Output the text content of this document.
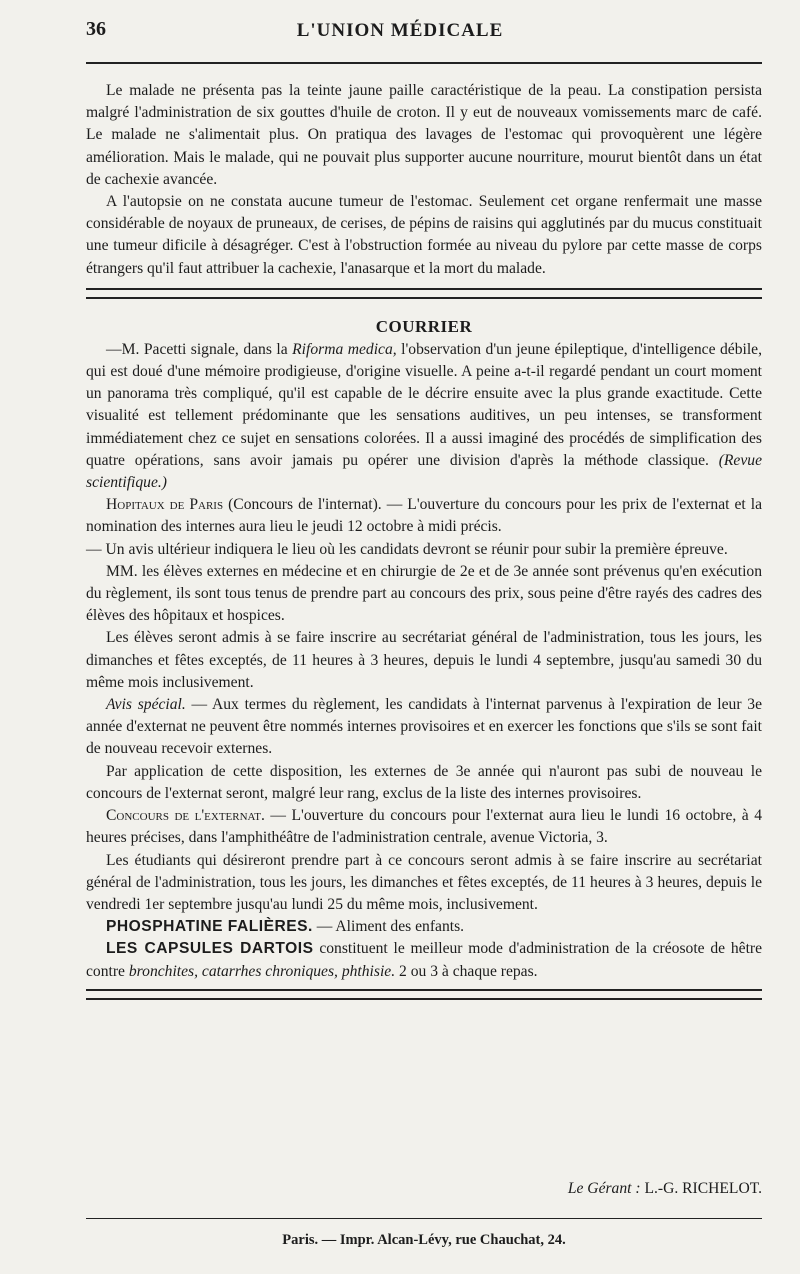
36	L'UNION MÉDICALE

Le malade ne présenta pas la teinte jaune paille caractéristique de la peau. La constipation persista malgré l'administration de six gouttes d'huile de croton. Il y eut de nouveaux vomissements marc de café. Le malade ne s'alimentait plus. On pratiqua des lavages de l'estomac qui provoquèrent une légère amélioration. Mais le malade, qui ne pouvait plus supporter aucune nourriture, mourut bientôt dans un état de cachexie avancée.

A l'autopsie on ne constata aucune tumeur de l'estomac. Seulement cet organe renfermait une masse considérable de noyaux de pruneaux, de cerises, de pépins de raisins qui agglutinés par du mucus constituait une tumeur dificile à désagréger. C'est à l'obstruction formée au niveau du pylore par cette masse de corps étrangers qu'il faut attribuer la cachexie, l'anasarque et la mort du malade.

COURRIER

—M. Pacetti signale, dans la Riforma medica, l'observation d'un jeune épileptique, d'intelligence débile, qui est doué d'une mémoire prodigieuse, d'origine visuelle. A peine a-t-il regardé pendant un court moment un panorama très compliqué, qu'il est capable de le décrire ensuite avec la plus grande exactitude. Cette visualité est tellement prédominante que les sensations auditives, un peu intenses, se transforment immédiatement chez ce sujet en sensations colorées. Il a aussi imaginé des procédés de simplification des quatre opérations, sans avoir jamais pu opérer une division d'après la méthode classique. (Revue scientifique.)

Hopitaux de Paris (Concours de l'internat). — L'ouverture du concours pour les prix de l'externat et la nomination des internes aura lieu le jeudi 12 octobre à midi précis.

— Un avis ultérieur indiquera le lieu où les candidats devront se réunir pour subir la première épreuve.

MM. les élèves externes en médecine et en chirurgie de 2e et de 3e année sont prévenus qu'en exécution du règlement, ils sont tous tenus de prendre part au concours des prix, sous peine d'être rayés des cadres des élèves des hôpitaux et hospices.

Les élèves seront admis à se faire inscrire au secrétariat général de l'administration, tous les jours, les dimanches et fêtes exceptés, de 11 heures à 3 heures, depuis le lundi 4 septembre, jusqu'au samedi 30 du même mois inclusivement.

Avis spécial. — Aux termes du règlement, les candidats à l'internat parvenus à l'expiration de leur 3e année d'externat ne peuvent être nommés internes provisoires et en exercer les fonctions que s'ils se sont fait de nouveau recevoir externes.

Par application de cette disposition, les externes de 3e année qui n'auront pas subi de nouveau le concours de l'externat seront, malgré leur rang, exclus de la liste des internes provisoires.

Concours de l'externat. — L'ouverture du concours pour l'externat aura lieu le lundi 16 octobre, à 4 heures précises, dans l'amphithéâtre de l'administration centrale, avenue Victoria, 3.

Les étudiants qui désireront prendre part à ce concours seront admis à se faire inscrire au secrétariat général de l'administration, tous les jours, les dimanches et fêtes exceptés, de 11 heures à 3 heures, depuis le vendredi 1er septembre jusqu'au lundi 25 du même mois, inclusivement.

PHOSPHATINE FALIÈRES. — Aliment des enfants.

LES CAPSULES DARTOIS constituent le meilleur mode d'administration de la créosote de hêtre contre bronchites, catarrhes chroniques, phthisie. 2 ou 3 à chaque repas.

Le Gérant : L.-G. RICHELOT.
Paris. — Impr. Alcan-Lévy, rue Chauchat, 24.
